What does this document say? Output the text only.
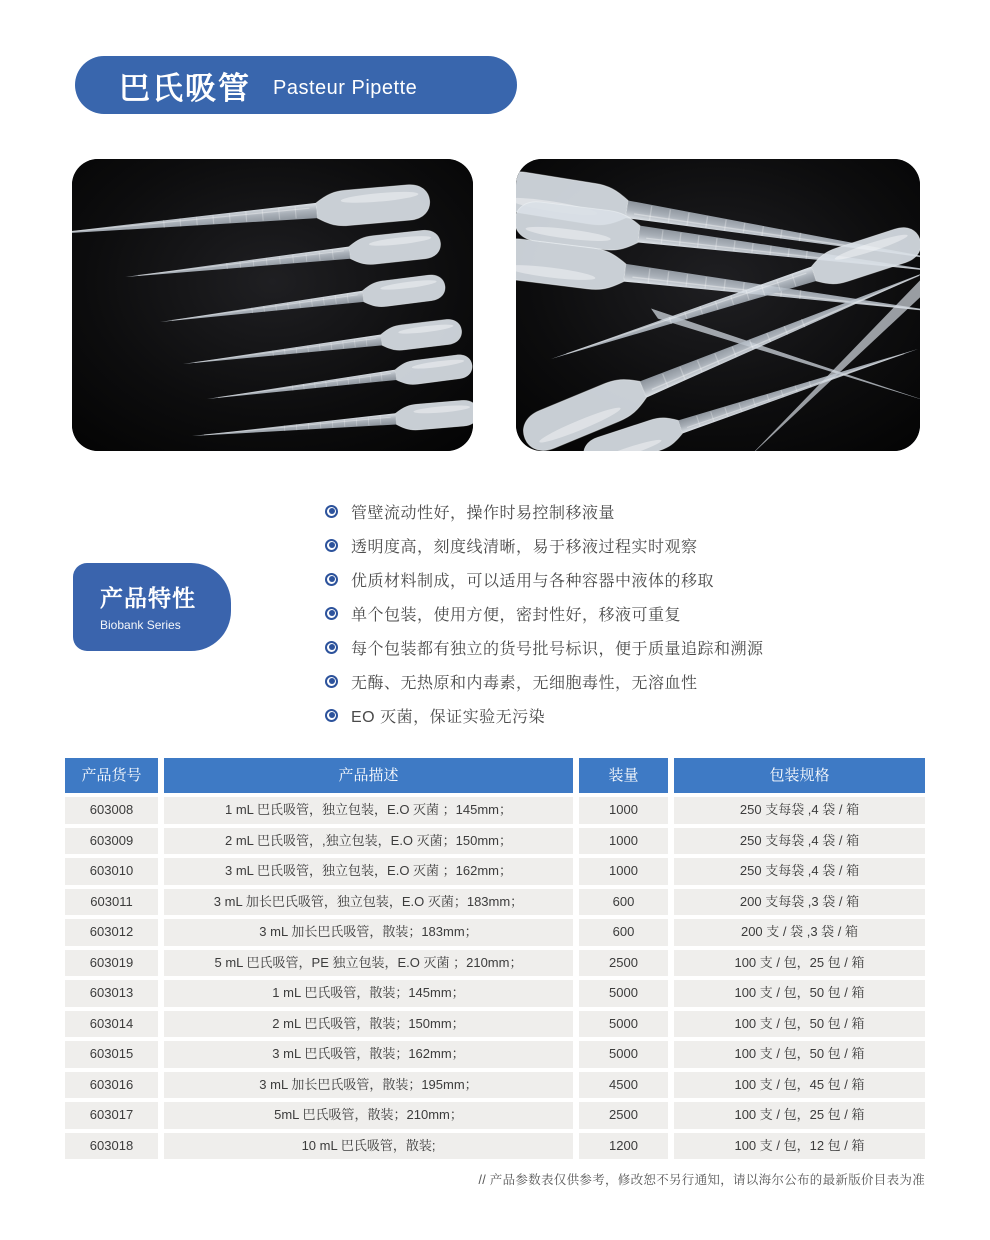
巴氏吸管 Pasteur Pipette
产品特性
Biobank Series
管壁流动性好，操作时易控制移液量
透明度高，刻度线清晰，易于移液过程实时观察
优质材料制成，可以适用与各种容器中液体的移取
单个包装，使用方便，密封性好，移液可重复
每个包装都有独立的货号批号标识，便于质量追踪和溯源
无酶、无热原和内毒素，无细胞毒性，无溶血性
EO 灭菌，保证实验无污染
产品货号	产品描述	装量	包装规格
603008	1 mL 巴氏吸管，独立包装，E.O 灭菌 ；145mm；	1000	250 支每袋 ,4 袋 / 箱
603009	2 mL 巴氏吸管，,独立包装，E.O 灭菌；150mm；	1000	250 支每袋 ,4 袋 / 箱
603010	3 mL 巴氏吸管，独立包装，E.O 灭菌 ；162mm；	1000	250 支每袋 ,4 袋 / 箱
603011	3 mL 加长巴氏吸管，独立包装，E.O 灭菌；183mm；	600	200 支每袋 ,3 袋 / 箱
603012	3 mL 加长巴氏吸管，散装；183mm；	600	200 支 / 袋 ,3 袋 / 箱
603019	5 mL 巴氏吸管，PE 独立包装，E.O 灭菌 ；210mm；	2500	100 支 / 包，25 包 / 箱
603013	1 mL 巴氏吸管，散装；145mm；	5000	100 支 / 包，50 包 / 箱
603014	2 mL 巴氏吸管，散装；150mm；	5000	100 支 / 包，50 包 / 箱
603015	3 mL 巴氏吸管，散装；162mm；	5000	100 支 / 包，50 包 / 箱
603016	3 mL 加长巴氏吸管，散装；195mm；	4500	100 支 / 包，45 包 / 箱
603017	5mL 巴氏吸管，散装；210mm；	2500	100 支 / 包，25 包 / 箱
603018	10 mL 巴氏吸管，散装;	1200	100 支 / 包，12 包 / 箱
// 产品参数表仅供参考，修改恕不另行通知，请以海尔公布的最新版价目表为准
